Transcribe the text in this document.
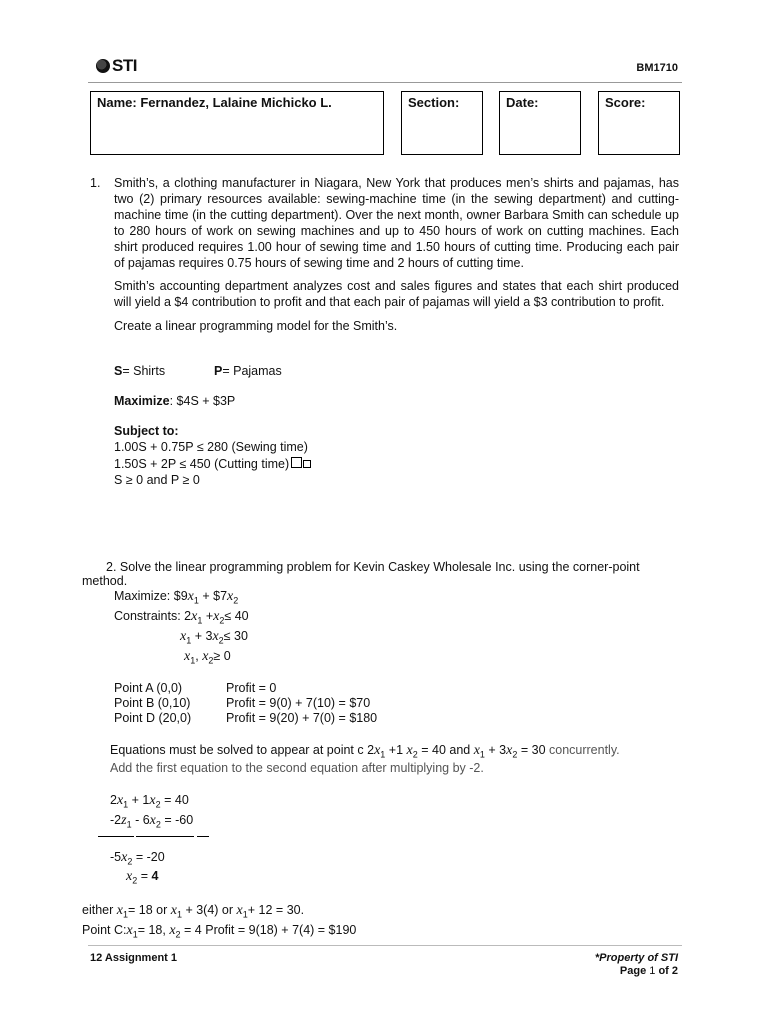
STI	BM1710
Name: Fernandez, Lalaine Michicko L.	Section:	Date:	Score:
1. Smith’s, a clothing manufacturer in Niagara, New York that produces men’s shirts and pajamas, has two (2) primary resources available: sewing-machine time (in the sewing department) and cutting-machine time (in the cutting department). Over the next month, owner Barbara Smith can schedule up to 280 hours of work on sewing machines and up to 450 hours of work on cutting machines. Each shirt produced requires 1.00 hour of sewing time and 1.50 hours of cutting time. Producing each pair of pajamas requires 0.75 hours of sewing time and 2 hours of cutting time.
Smith’s accounting department analyzes cost and sales figures and states that each shirt produced will yield a $4 contribution to profit and that each pair of pajamas will yield a $3 contribution to profit.
Create a linear programming model for the Smith’s.
S= Shirts	P= Pajamas
Maximize: $4S + $3P
Subject to:
1.00S + 0.75P ≤ 280 (Sewing time)
1.50S + 2P ≤ 450 (Cutting time)
S ≥ 0 and P ≥ 0
2. Solve the linear programming problem for Kevin Caskey Wholesale Inc. using the corner-point
method.
Maximize: $\$9x_1$ + $\$7x_2$
Constraints: $2x_1 +x_2\le 40$
$x_1 + 3x_2\le 30$
$x_1$, $x_2\ge 0$
Point A (0,0)	Profit = 0
Point B (0,10)	Profit = 9(0) + 7(10) = $70
Point D (20,0)	Profit = 9(20) + 7(0) = $180
Equations must be solved to appear at point c $2x_1 +1$ $x_2 = 40$ and $x_1 + 3x_2 = 30$ concurrently.
Add the first equation to the second equation after multiplying by -2.
$2x_1 + 1x_2 = 40$
$-2z_1 - 6x_2 = -60$
$-5x_2 = -20$
$x_2 = 4$
either $x_1= 18$ or $x_1 + 3(4)$ or $x_1+ 12 = 30$.
Point $C:x_1= 18$, $x_2 = 4$ Profit = 9(18) + 7(4) = $190
12 Assignment 1	*Property of STI
Page 1 of 2
